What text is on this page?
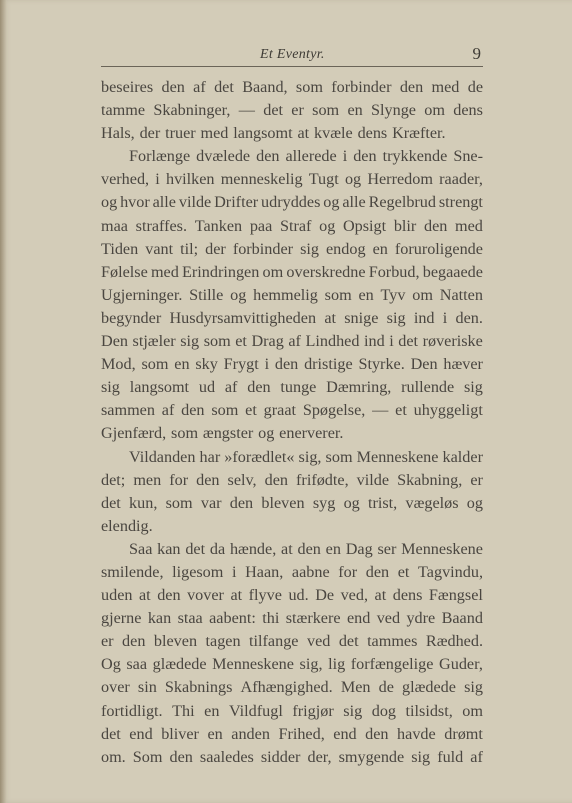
Et Eventyr.	9
beseires den af det Baand, som forbinder den med de
tamme Skabninger, — det er som en Slynge om dens
Hals, der truer med langsomt at kvæle dens Kræfter.
Forlænge dvælede den allerede i den trykkende Sne-
verhed, i hvilken menneskelig Tugt og Herredom raader,
og hvor alle vilde Drifter udryddes og alle Regelbrud strengt
maa straffes. Tanken paa Straf og Opsigt blir den med
Tiden vant til; der forbinder sig endog en foruroligende
Følelse med Erindringen om overskredne Forbud, begaaede
Ugjerninger. Stille og hemmelig som en Tyv om Natten
begynder Husdyrsamvittigheden at snige sig ind i den.
Den stjæler sig som et Drag af Lindhed ind i det røveriske
Mod, som en sky Frygt i den dristige Styrke. Den hæver
sig langsomt ud af den tunge Dæmring, rullende sig
sammen af den som et graat Spøgelse, — et uhyggeligt
Gjenfærd, som ængster og enerverer.
Vildanden har »forædlet« sig, som Menneskene kalder
det; men for den selv, den frifødte, vilde Skabning, er
det kun, som var den bleven syg og trist, vægeløs og
elendig.
Saa kan det da hænde, at den en Dag ser Menneskene
smilende, ligesom i Haan, aabne for den et Tagvindu,
uden at den vover at flyve ud. De ved, at dens Fængsel
gjerne kan staa aabent: thi stærkere end ved ydre Baand
er den bleven tagen tilfange ved det tammes Rædhed.
Og saa glædede Menneskene sig, lig forfængelige Guder,
over sin Skabnings Afhængighed. Men de glædede sig
fortidligt. Thi en Vildfugl frigjør sig dog tilsidst, om
det end bliver en anden Frihed, end den havde drømt
om. Som den saaledes sidder der, smygende sig fuld af
